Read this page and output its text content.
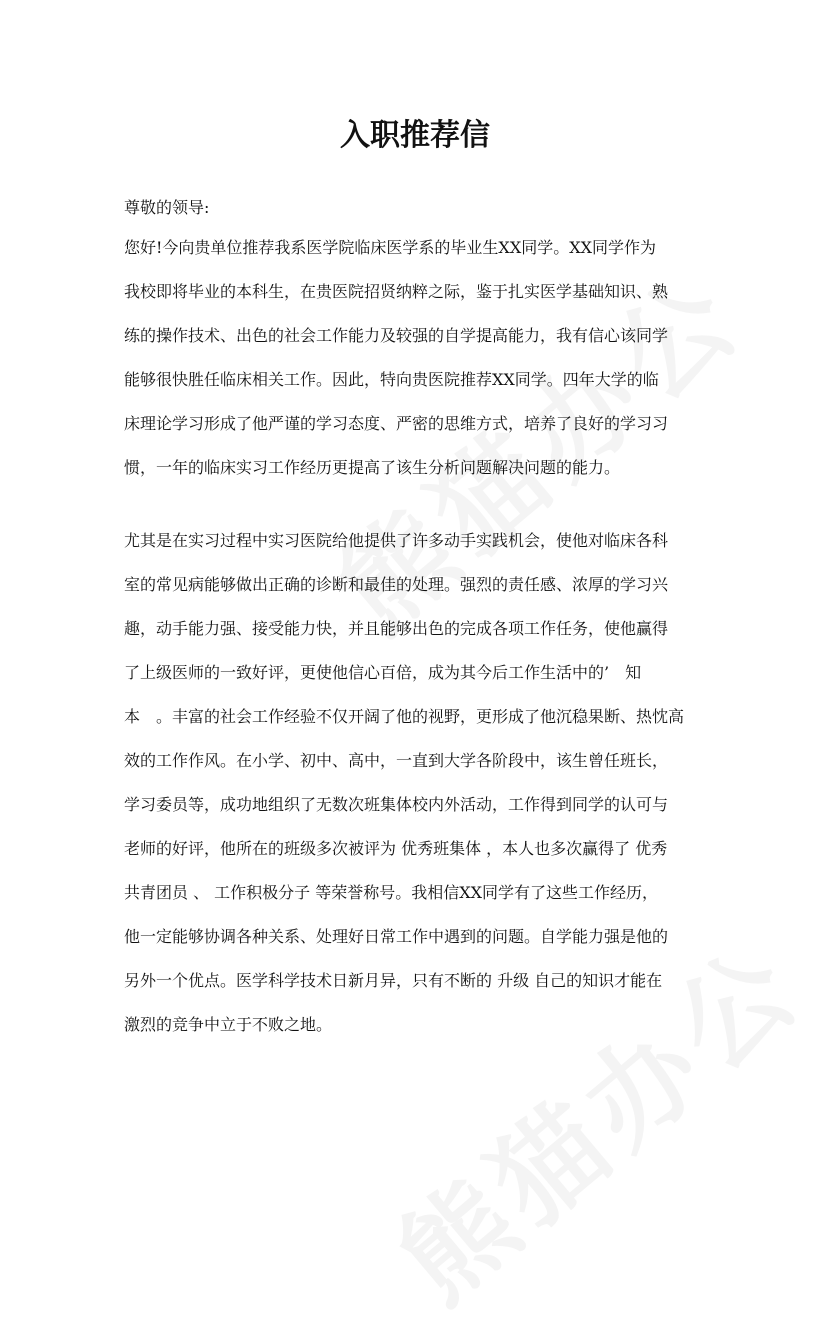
入职推荐信
尊敬的领导:
您好!今向贵单位推荐我系医学院临床医学系的毕业生XX同学。XX同学作为
我校即将毕业的本科生，在贵医院招贤纳粹之际，鉴于扎实医学基础知识、熟
练的操作技术、出色的社会工作能力及较强的自学提高能力，我有信心该同学
能够很快胜任临床相关工作。因此，特向贵医院推荐XX同学。四年大学的临
床理论学习形成了他严谨的学习态度、严密的思维方式，培养了良好的学习习
惯，一年的临床实习工作经历更提高了该生分析问题解决问题的能力。
尤其是在实习过程中实习医院给他提供了许多动手实践机会，使他对临床各科
室的常见病能够做出正确的诊断和最佳的处理。强烈的责任感、浓厚的学习兴
趣，动手能力强、接受能力快，并且能够出色的完成各项工作任务，使他赢得
了上级医师的一致好评，更使他信心百倍，成为其今后工作生活中的’　知
本　。丰富的社会工作经验不仅开阔了他的视野，更形成了他沉稳果断、热忱高
效的工作作风。在小学、初中、高中，一直到大学各阶段中，该生曾任班长，
学习委员等，成功地组织了无数次班集体校内外活动，工作得到同学的认可与
老师的好评，他所在的班级多次被评为 优秀班集体 ，本人也多次赢得了 优秀
共青团员 、 工作积极分子 等荣誉称号。我相信XX同学有了这些工作经历，
他一定能够协调各种关系、处理好日常工作中遇到的问题。自学能力强是他的
另外一个优点。医学科学技术日新月异，只有不断的 升级 自己的知识才能在
激烈的竞争中立于不败之地。
